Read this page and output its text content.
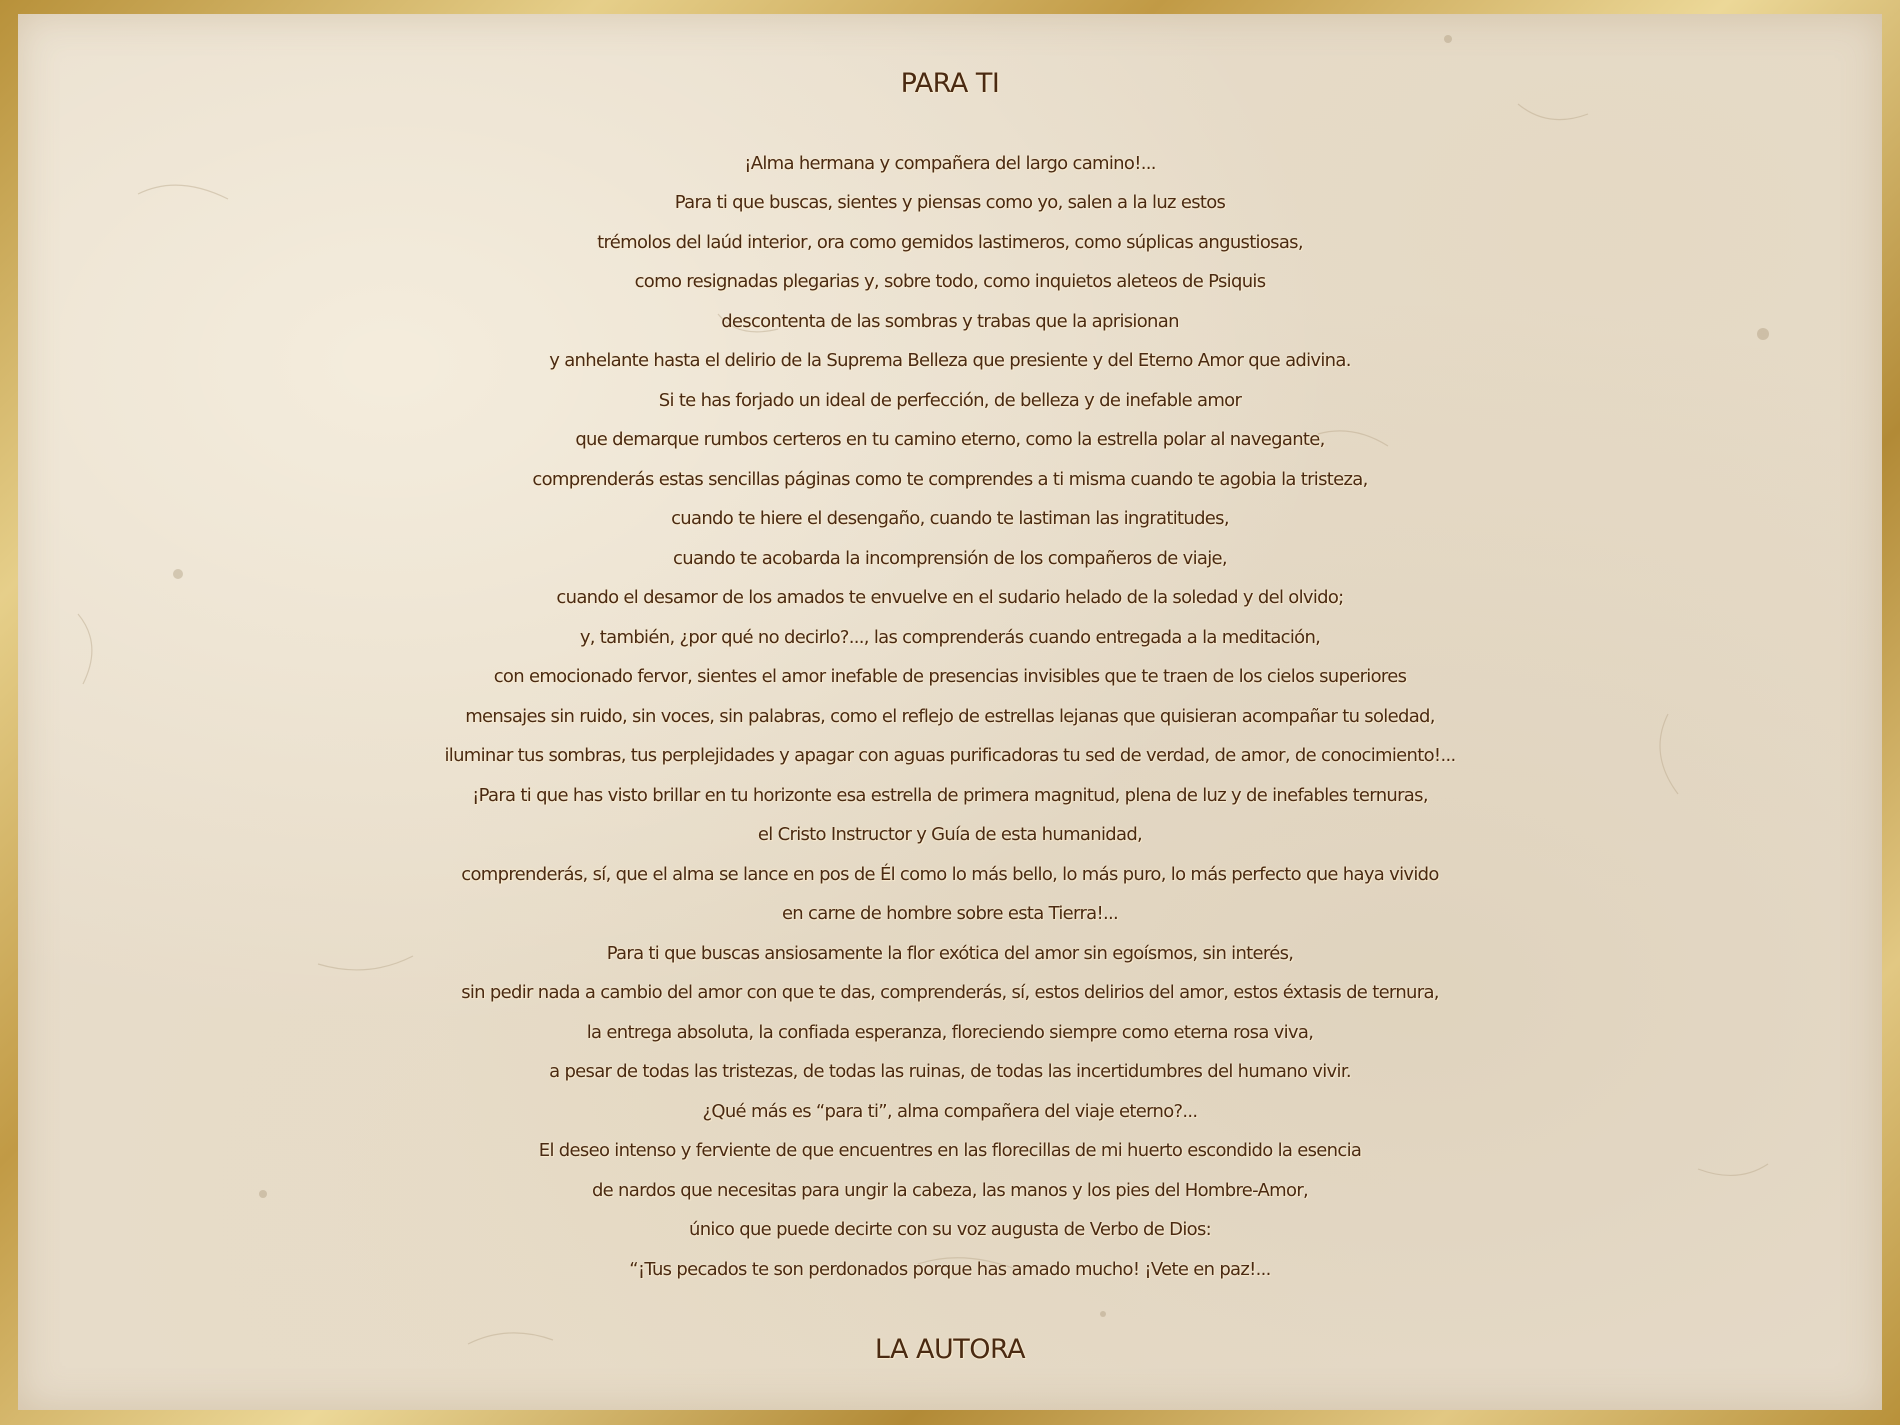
PARA TI
¡Alma hermana y compañera del largo camino!...
Para ti que buscas, sientes y piensas como yo, salen a la luz estos
trémolos del laúd interior, ora como gemidos lastimeros, como súplicas angustiosas,
como resignadas plegarias y, sobre todo, como inquietos aleteos de Psiquis
descontenta de las sombras y trabas que la aprisionan
y anhelante hasta el delirio de la Suprema Belleza que presiente y del Eterno Amor que adivina.
Si te has forjado un ideal de perfección, de belleza y de inefable amor
que demarque rumbos certeros en tu camino eterno, como la estrella polar al navegante,
comprenderás estas sencillas páginas como te comprendes a ti misma cuando te agobia la tristeza,
cuando te hiere el desengaño, cuando te lastiman las ingratitudes,
cuando te acobarda la incomprensión de los compañeros de viaje,
cuando el desamor de los amados te envuelve en el sudario helado de la soledad y del olvido;
y, también, ¿por qué no decirlo?..., las comprenderás cuando entregada a la meditación,
con emocionado fervor, sientes el amor inefable de presencias invisibles que te traen de los cielos superiores
mensajes sin ruido, sin voces, sin palabras, como el reflejo de estrellas lejanas que quisieran acompañar tu soledad,
iluminar tus sombras, tus perplejidades y apagar con aguas purificadoras tu sed de verdad, de amor, de conocimiento!...
¡Para ti que has visto brillar en tu horizonte esa estrella de primera magnitud, plena de luz y de inefables ternuras,
el Cristo Instructor y Guía de esta humanidad,
comprenderás, sí, que el alma se lance en pos de Él como lo más bello, lo más puro, lo más perfecto que haya vivido
en carne de hombre sobre esta Tierra!...
Para ti que buscas ansiosamente la flor exótica del amor sin egoísmos, sin interés,
sin pedir nada a cambio del amor con que te das, comprenderás, sí, estos delirios del amor, estos éxtasis de ternura,
la entrega absoluta, la confiada esperanza, floreciendo siempre como eterna rosa viva,
a pesar de todas las tristezas, de todas las ruinas, de todas las incertidumbres del humano vivir.
¿Qué más es “para ti”, alma compañera del viaje eterno?...
El deseo intenso y ferviente de que encuentres en las florecillas de mi huerto escondido la esencia
de nardos que necesitas para ungir la cabeza, las manos y los pies del Hombre-Amor,
único que puede decirte con su voz augusta de Verbo de Dios:
“¡Tus pecados te son perdonados porque has amado mucho! ¡Vete en paz!...
LA AUTORA
